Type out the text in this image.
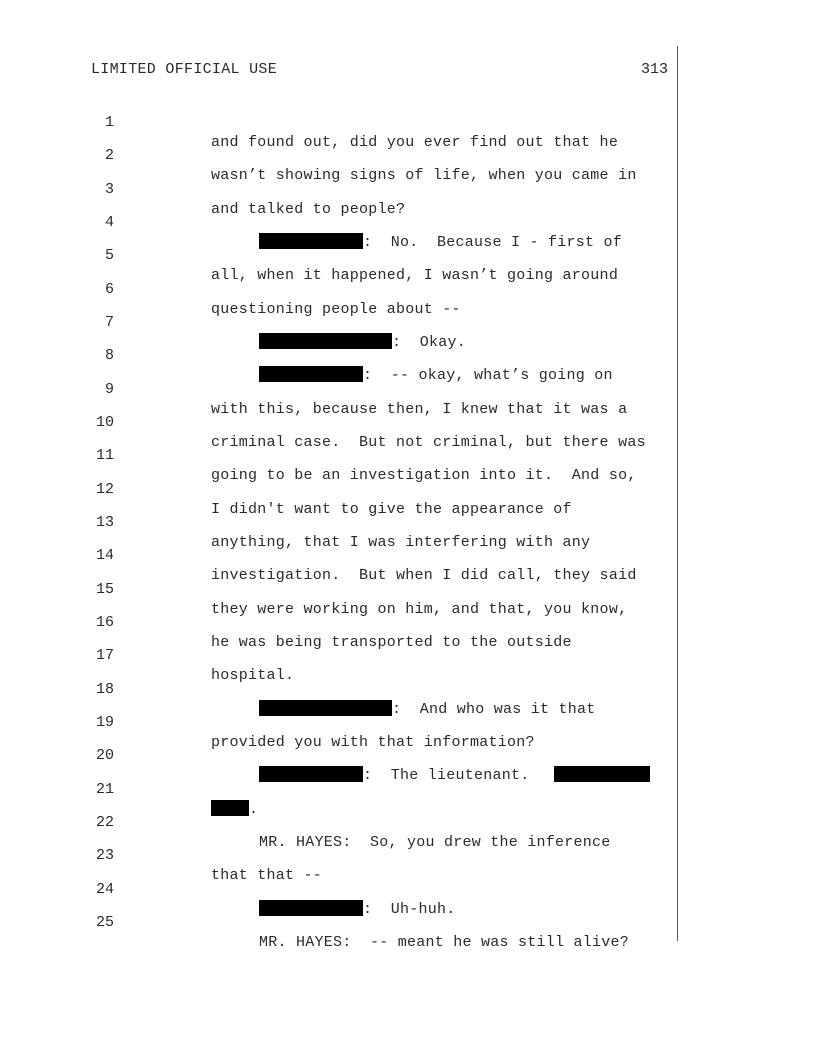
LIMITED OFFICIAL USE	313

1

and found out, did you ever find out that he

2

wasn’t showing signs of life, when you came in

3

and talked to people?

4

:  No.  Because I - first of

5

all, when it happened, I wasn’t going around

6

questioning people about --

7

:  Okay.

8

:  -- okay, what’s going on

9

with this, because then, I knew that it was a

10

criminal case.  But not criminal, but there was

11

going to be an investigation into it.  And so,

12

I didn't want to give the appearance of

13

anything, that I was interfering with any

14

investigation.  But when I did call, they said

15

they were working on him, and that, you know,

16

he was being transported to the outside

17

hospital.

18

:  And who was it that

19

provided you with that information?

20

:  The lieutenant.

21

.

22

MR. HAYES:  So, you drew the inference

23

that that --

24

:  Uh-huh.

25

MR. HAYES:  -- meant he was still alive?
